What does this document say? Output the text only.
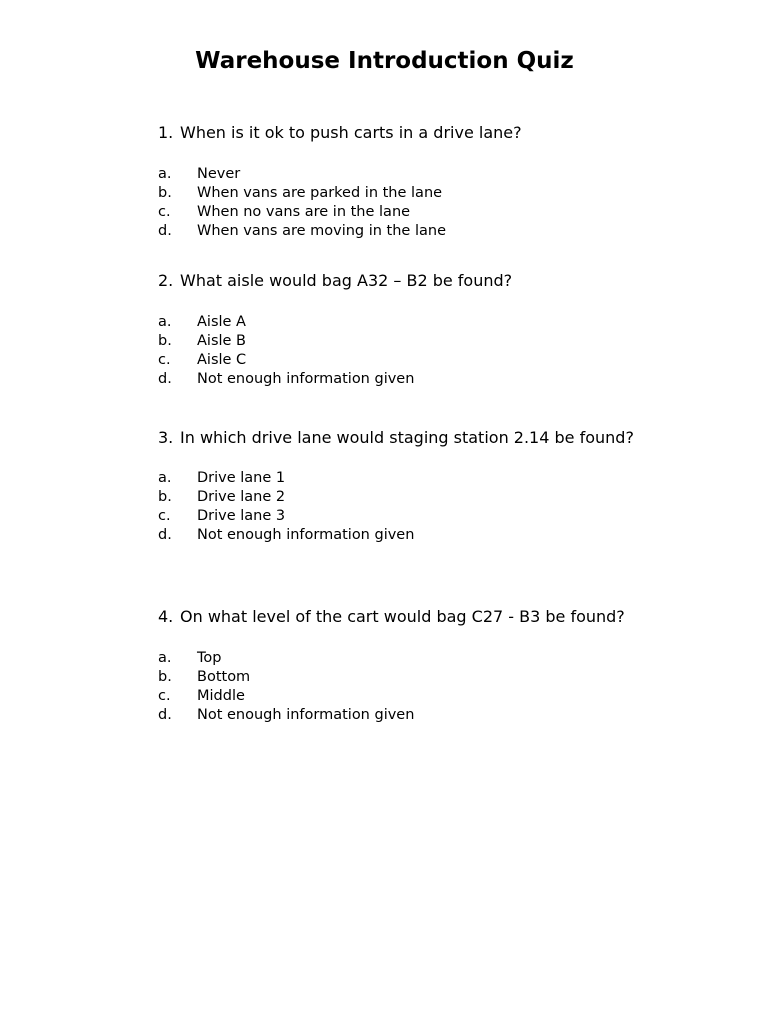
Warehouse Introduction Quiz

1. When is it ok to push carts in a drive lane?

a.	Never
b.	When vans are parked in the lane
c.	When no vans are in the lane
d.	When vans are moving in the lane

2. What aisle would bag A32 – B2 be found?

a.	Aisle A
b.	Aisle B
c.	Aisle C
d.	Not enough information given

3. In which drive lane would staging station 2.14 be found?

a.	Drive lane 1
b.	Drive lane 2
c.	Drive lane 3
d.	Not enough information given

4. On what level of the cart would bag C27 - B3 be found?

a.	Top
b.	Bottom
c.	Middle
d.	Not enough information given
